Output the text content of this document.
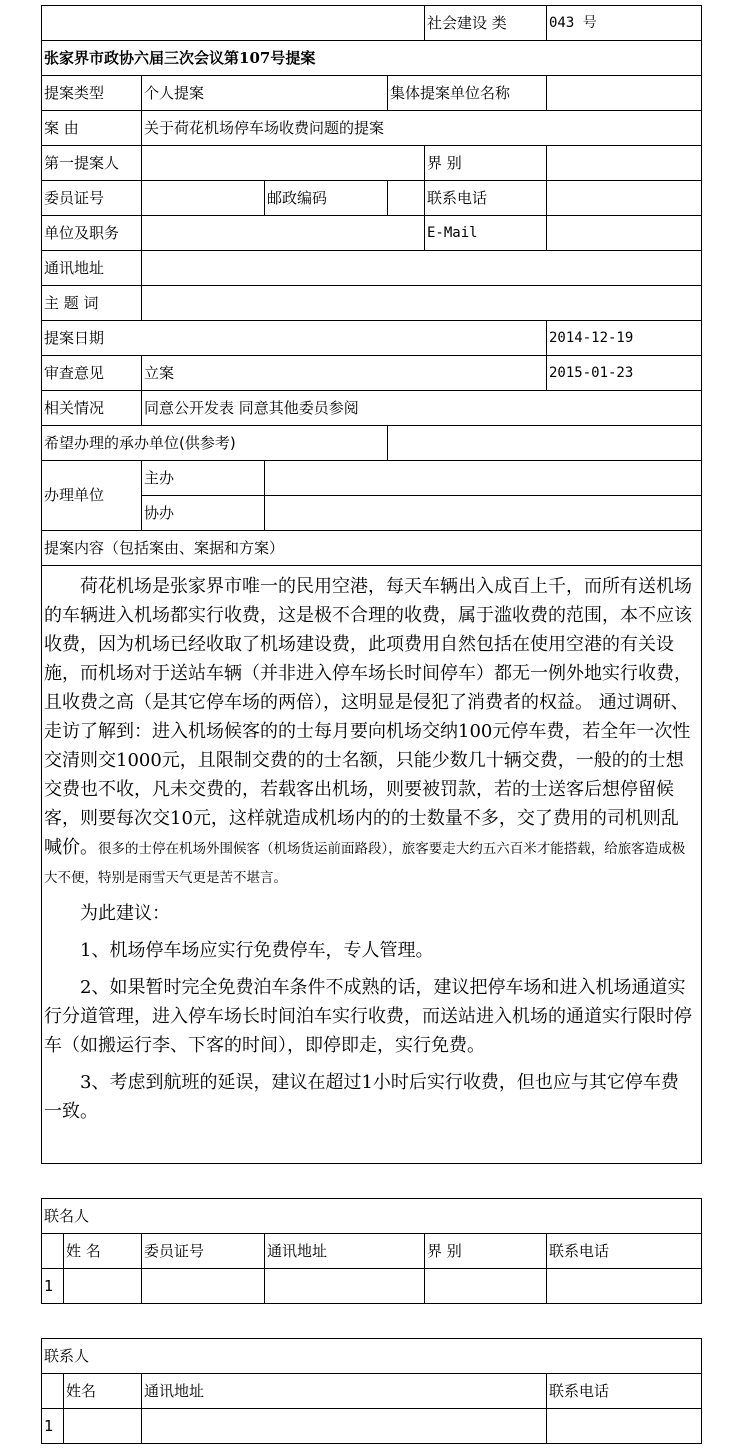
				社会建设 类	043 号
张家界市政协六届三次会议第107号提案					
提案类型	个人提案		集体提案单位名称		
案 由	关于荷花机场停车场收费问题的提案				
第一提案人				界 别	
委员证号		邮政编码		联系电话	
单位及职务				E-Mail	
通讯地址					
主 题 词					
提案日期					2014-12-19
审查意见	立案				2015-01-23
相关情况	同意公开发表 同意其他委员参阅				
希望办理的承办单位(供参考)					
办理单位	主办				
	协办				
提案内容（包括案由、案据和方案）					

荷花机场是张家界市唯一的民用空港，每天车辆出入成百上千，而所有送机场的车辆进入机场都实行收费，这是极不合理的收费，属于滥收费的范围，本不应该收费，因为机场已经收取了机场建设费，此项费用自然包括在使用空港的有关设施，而机场对于送站车辆（并非进入停车场长时间停车）都无一例外地实行收费，且收费之高（是其它停车场的两倍），这明显是侵犯了消费者的权益。 通过调研、走访了解到：进入机场候客的的士每月要向机场交纳100元停车费，若全年一次性交清则交1000元，且限制交费的的士名额，只能少数几十辆交费，一般的的士想交费也不收，凡未交费的，若载客出机场，则要被罚款，若的士送客后想停留候客，则要每次交10元，这样就造成机场内的的士数量不多，交了费用的司机则乱喊价。很多的士停在机场外围候客（机场货运前面路段），旅客要走大约五六百米才能搭载，给旅客造成极大不便，特别是雨雪天气更是苦不堪言。

为此建议：

1、机场停车场应实行免费停车，专人管理。

2、如果暂时完全免费泊车条件不成熟的话，建议把停车场和进入机场通道实行分道管理，进入停车场长时间泊车实行收费，而送站进入机场的通道实行限时停车（如搬运行李、下客的时间），即停即走，实行免费。

3、考虑到航班的延误，建议在超过1小时后实行收费，但也应与其它停车费一致。					

联名人					
	姓 名	委员证号	通讯地址	界 别	联系电话
1					
联系人			
	姓名	通讯地址	联系电话
1			
